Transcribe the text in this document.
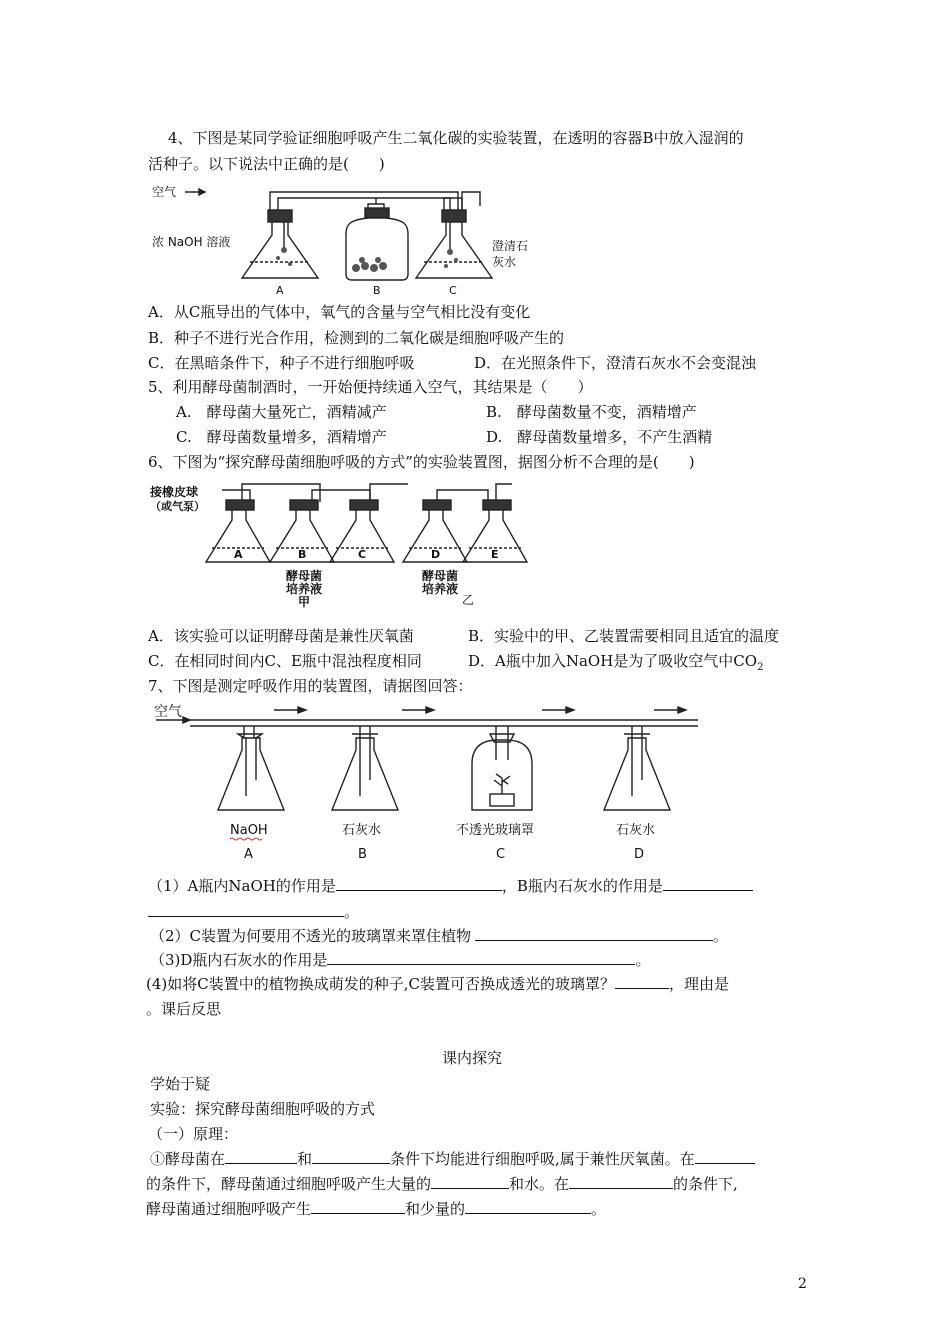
4、下图是某同学验证细胞呼吸产生二氧化碳的实验装置，在透明的容器B中放入湿润的
活种子。以下说法中正确的是(　　)
空气
浓 NaOH 溶液	澄清石
灰水
A	B	C
A．从C瓶导出的气体中，氧气的含量与空气相比没有变化
B．种子不进行光合作用，检测到的二氧化碳是细胞呼吸产生的
C．在黑暗条件下，种子不进行细胞呼吸	D．在光照条件下，澄清石灰水不会变混浊
5、利用酵母菌制酒时，一开始便持续通入空气，其结果是（　　）
A.　酵母菌大量死亡，酒精减产	B.　酵母菌数量不变，酒精增产
C.　酵母菌数量增多，酒精增产	D.　酵母菌数量增多，不产生酒精
6、下图为“探究酵母菌细胞呼吸的方式”的实验装置图，据图分析不合理的是(　　)
接橡皮球
（或气泵）
A	B	C	D	E
酵母菌
培养液
甲
酵母菌
培养液
乙
A．该实验可以证明酵母菌是兼性厌氧菌	B．实验中的甲、乙装置需要相同且适宜的温度
C．在相同时间内C、E瓶中混浊程度相同	D．A瓶中加入NaOH是为了吸收空气中$CO_2$
7、下图是测定呼吸作用的装置图，请据图回答：
空气
NaOH
A
石灰水
B
不透光玻璃罩
C
石灰水
D
（1）A瓶内NaOH的作用是	，B瓶内石灰水的作用是
。
（2）C装置为何要用不透光的玻璃罩来罩住植物	。
（3)D瓶内石灰水的作用是	。
(4)如将C装置中的植物换成萌发的种子,C装置可否换成透光的玻璃罩？	，理由是
。课后反思
课内探究
学始于疑
实验：探究酵母菌细胞呼吸的方式
（一）原理：
①酵母菌在	和	条件下均能进行细胞呼吸,属于兼性厌氧菌。在
的条件下，酵母菌通过细胞呼吸产生大量的	和水。在	的条件下,
酵母菌通过细胞呼吸产生	和少量的	。
2
